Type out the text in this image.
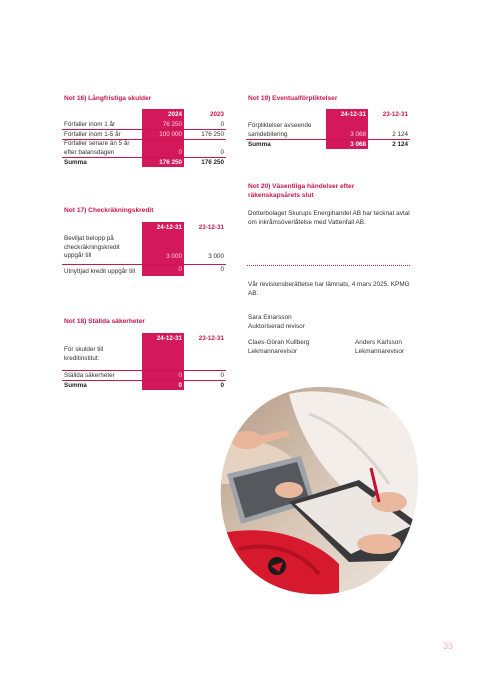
Not 16) Långfristiga skulder
	2024	2023
Förfaller inom 1 år	76 250	0
Förfaller inom 1-5 år	100 000	176 250
Förfaller senare än 5 år efter balansdagen	0	0
Summa	176 250	176 250
Not 17) Checkräkningskredit
	24-12-31	23-12-31
Beviljat belopp på checkräkningskredit uppgår till	3 000	3 000
Utnyttjad kredit uppgår till	0	0
Not 18) Ställda säkerheter
	24-12-31	23-12-31
För skulder till kreditinstitut:		
Ställda säkerheter	0	0
Summa	0	0
Not 19) Eventualförpliktelser
	24-12-31	23-12-31
Förpliktelser avseende samdebitering	3 068	2 124
Summa	3 068	2 124
Not 20) Väsentliga händelser efter
räkenskapsårets slut
Dotterbolaget Skurups Energihandel AB har tecknat avtal om inkråmsöverlåtelse med Vattenfall AB.
Vår revisionsberättelse har lämnats, 4 mars 2025. KPMG AB.
Sara Einarsson
Auktoriserad revisor
Claes-Göran Kullberg
Lekmannarevisor
Anders Karlsson
Lekmannarevisor
33
